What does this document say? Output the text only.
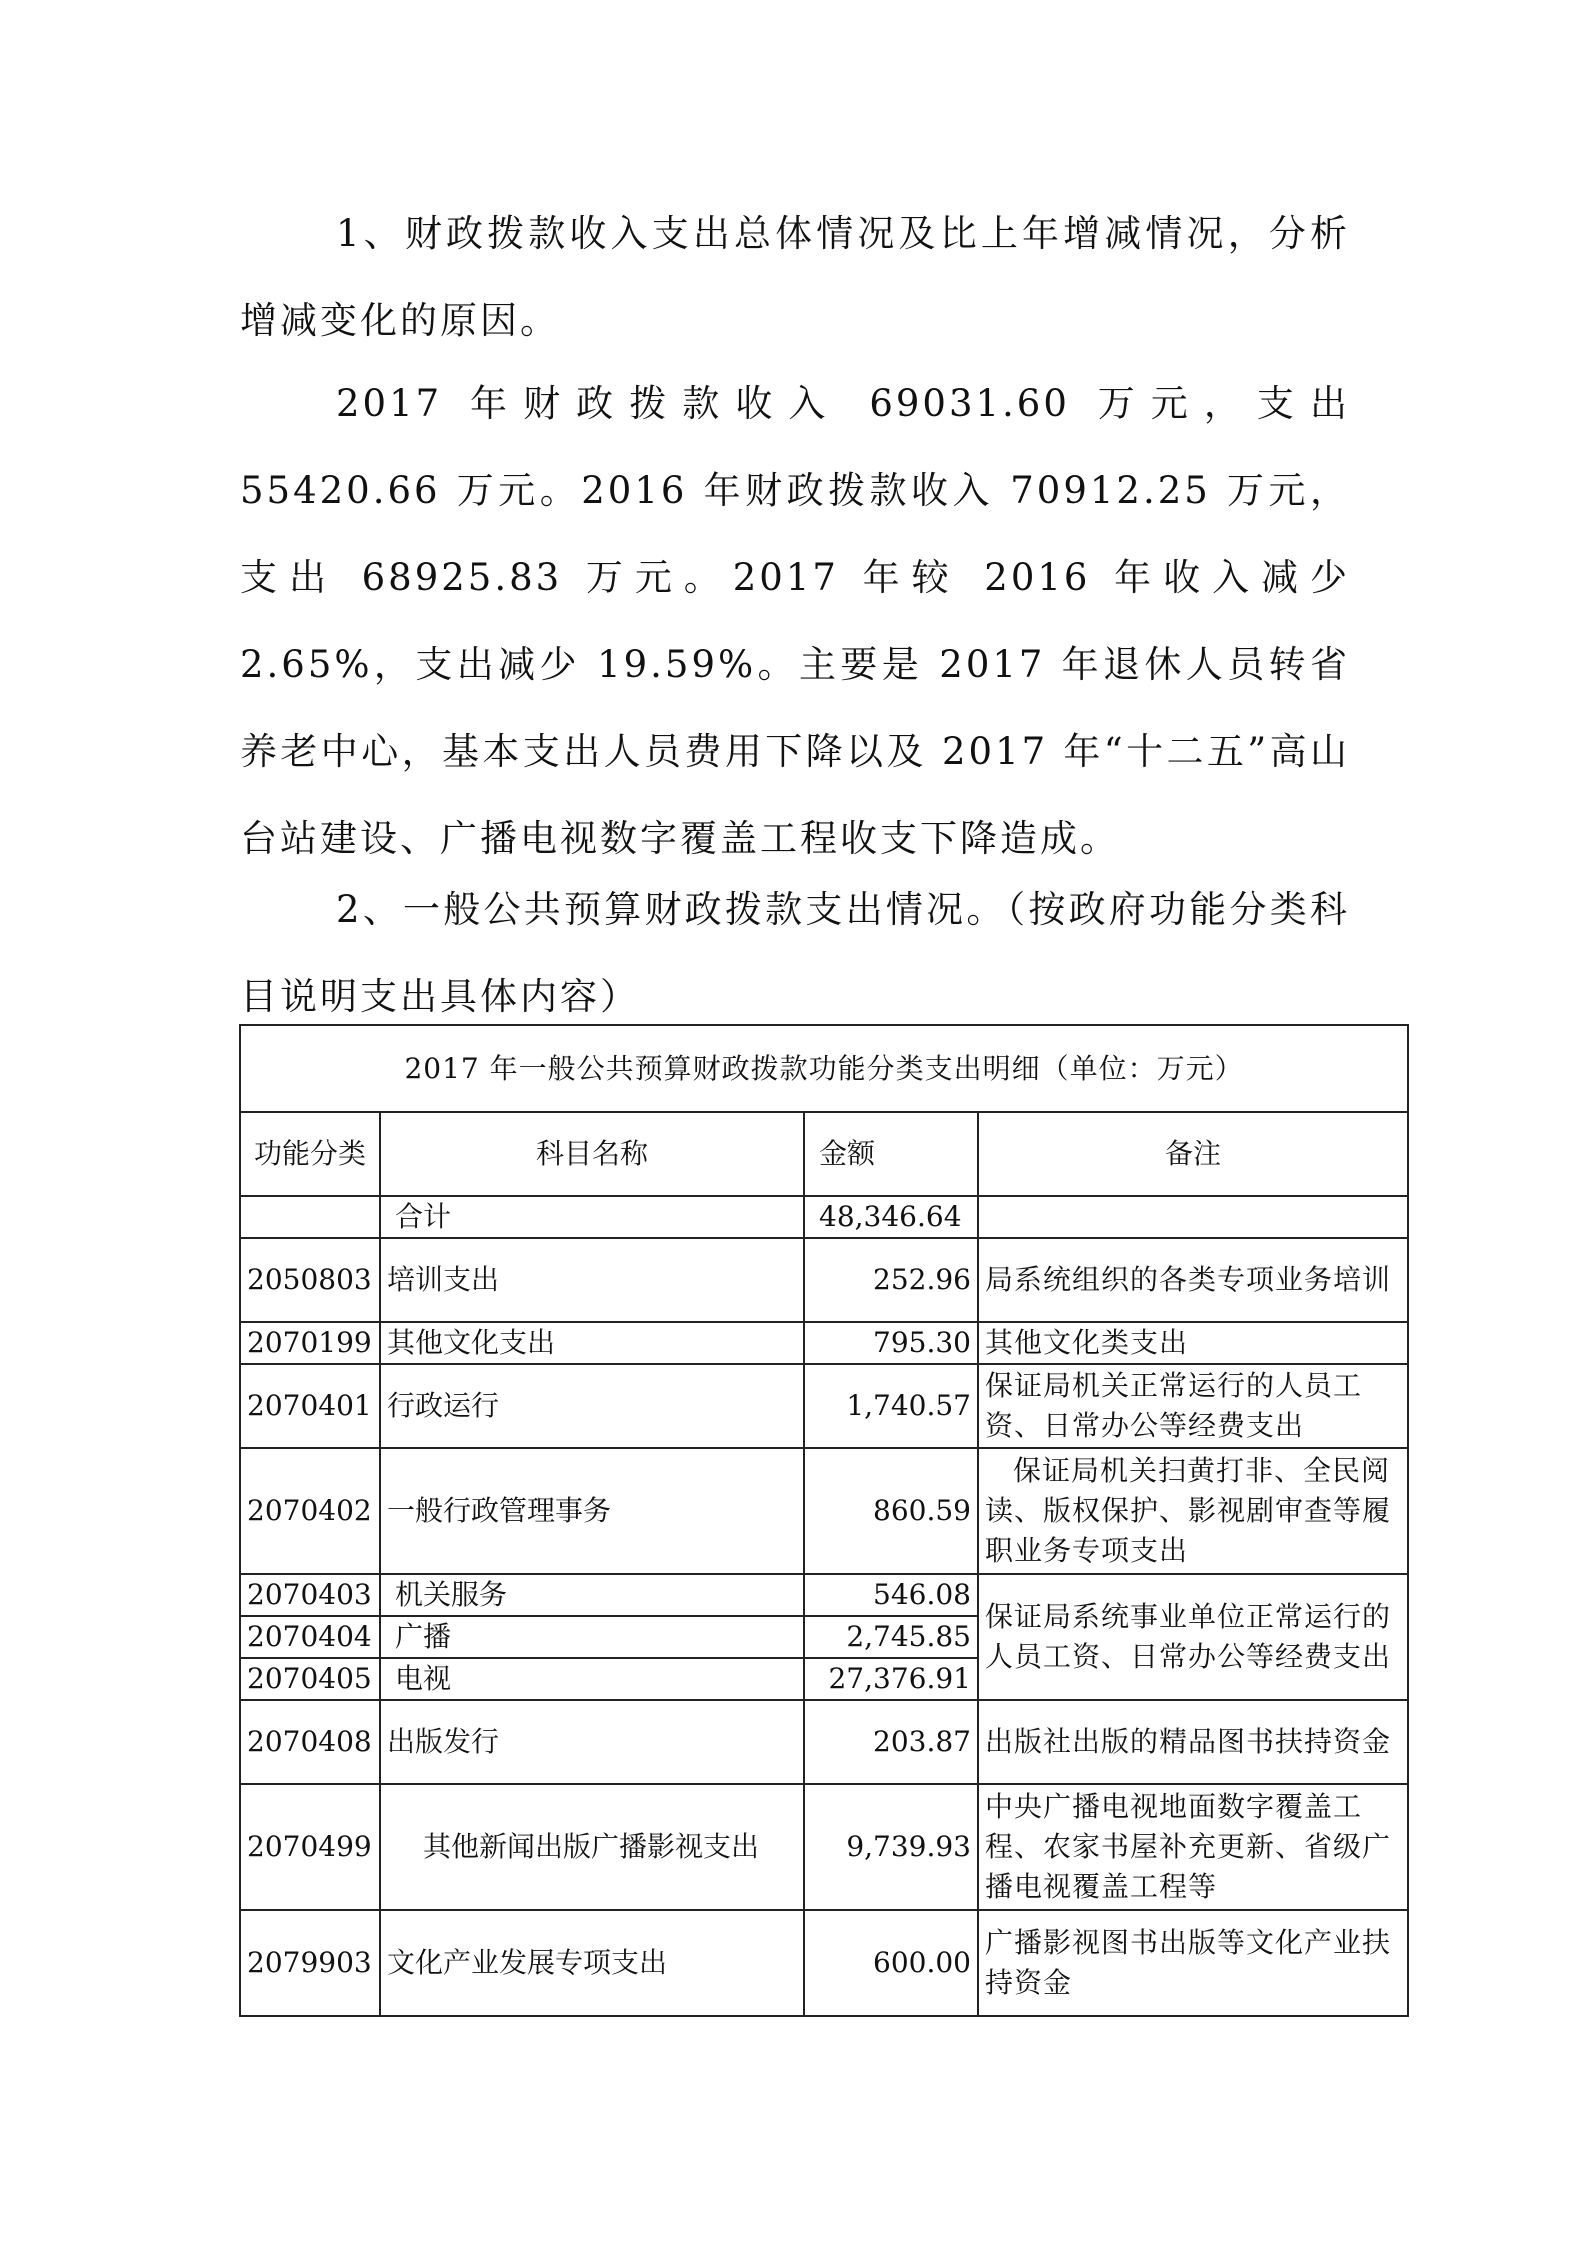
1、财政拨款收入支出总体情况及比上年增减情况，分析增减变化的原因。

2017 年财政拨款收入 69031.60 万元，支出 55420.66 万元。2016 年财政拨款收入 70912.25 万元，支出 68925.83 万元。2017 年较 2016 年收入减少 2.65%，支出减少 19.59%。主要是 2017 年退休人员转省养老中心，基本支出人员费用下降以及 2017 年“十二五”高山台站建设、广播电视数字覆盖工程收支下降造成。

2、一般公共预算财政拨款支出情况。（按政府功能分类科目说明支出具体内容）

2017 年一般公共预算财政拨款功能分类支出明细（单位：万元）			
功能分类	科目名称	金额	备注
	合计	48,346.64	
2050803	培训支出	252.96	局系统组织的各类专项业务培训
2070199	其他文化支出	795.30	其他文化类支出
2070401	行政运行	1,740.57	保证局机关正常运行的人员工资、日常办公等经费支出
2070402	一般行政管理事务	860.59	保证局机关扫黄打非、全民阅读、版权保护、影视剧审查等履职业务专项支出
2070403	机关服务	546.08	保证局系统事业单位正常运行的人员工资、日常办公等经费支出
2070404	广播	2,745.85	
2070405	电视	27,376.91	
2070408	出版发行	203.87	出版社出版的精品图书扶持资金
2070499	其他新闻出版广播影视支出	9,739.93	中央广播电视地面数字覆盖工程、农家书屋补充更新、省级广播电视覆盖工程等
2079903	文化产业发展专项支出	600.00	广播影视图书出版等文化产业扶持资金
